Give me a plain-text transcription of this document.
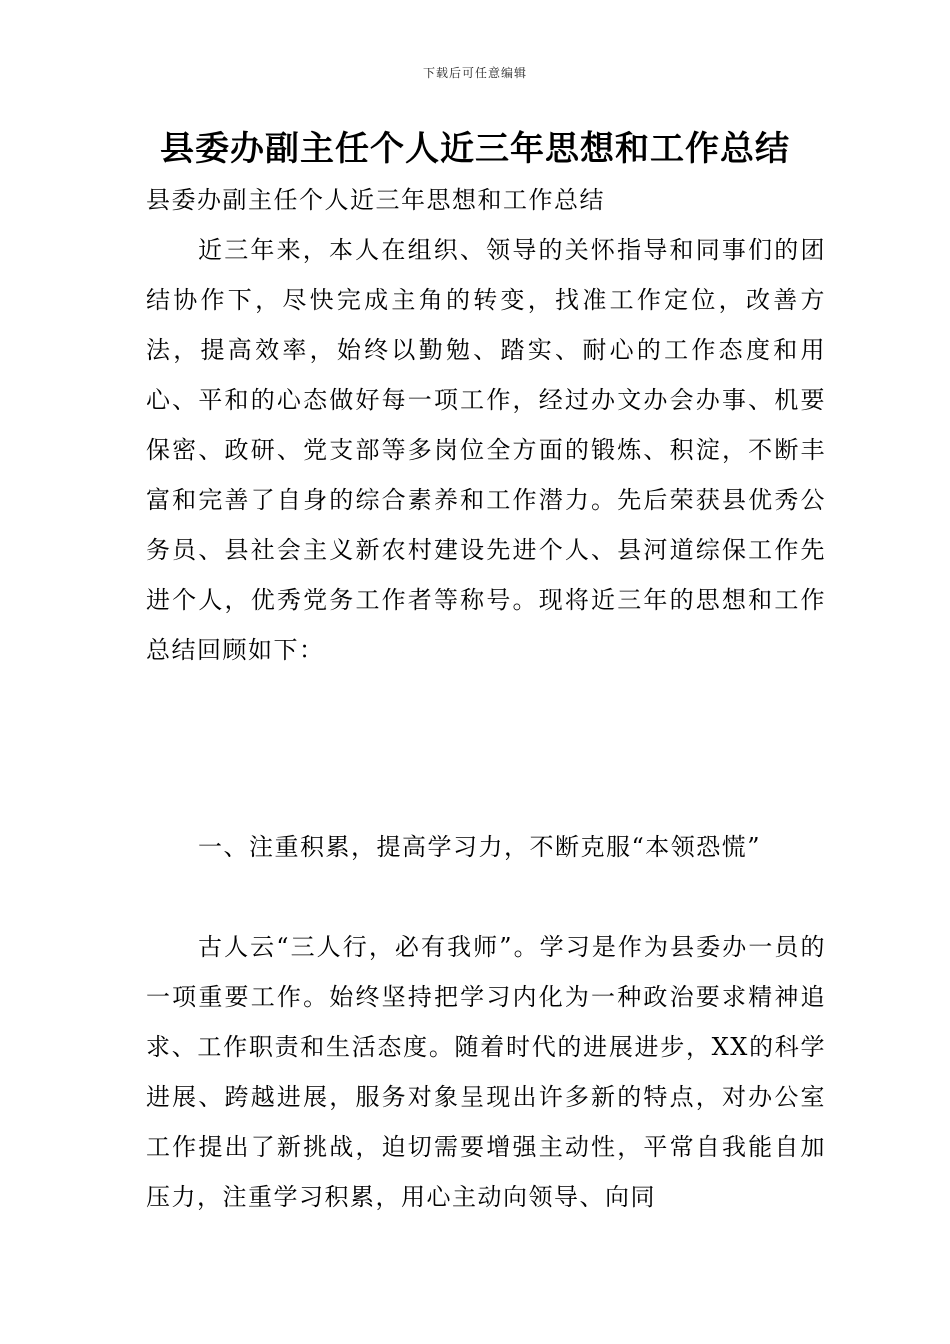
下载后可任意编辑
县委办副主任个人近三年思想和工作总结
县委办副主任个人近三年思想和工作总结

近三年来，本人在组织、领导的关怀指导和同事们的团结协作下，尽快完成主角的转变，找准工作定位，改善方法，提高效率，始终以勤勉、踏实、耐心的工作态度和用心、平和的心态做好每一项工作，经过办文办会办事、机要保密、政研、党支部等多岗位全方面的锻炼、积淀，不断丰富和完善了自身的综合素养和工作潜力。先后荣获县优秀公务员、县社会主义新农村建设先进个人、县河道综保工作先进个人，优秀党务工作者等称号。现将近三年的思想和工作总结回顾如下：

一、注重积累，提高学习力，不断克服“本领恐慌”

古人云“三人行，必有我师”。学习是作为县委办一员的一项重要工作。始终坚持把学习内化为一种政治要求精神追求、工作职责和生活态度。随着时代的进展进步，XX的科学进展、跨越进展，服务对象呈现出许多新的特点，对办公室工作提出了新挑战，迫切需要增强主动性，平常自我能自加压力，注重学习积累，用心主动向领导、向同
